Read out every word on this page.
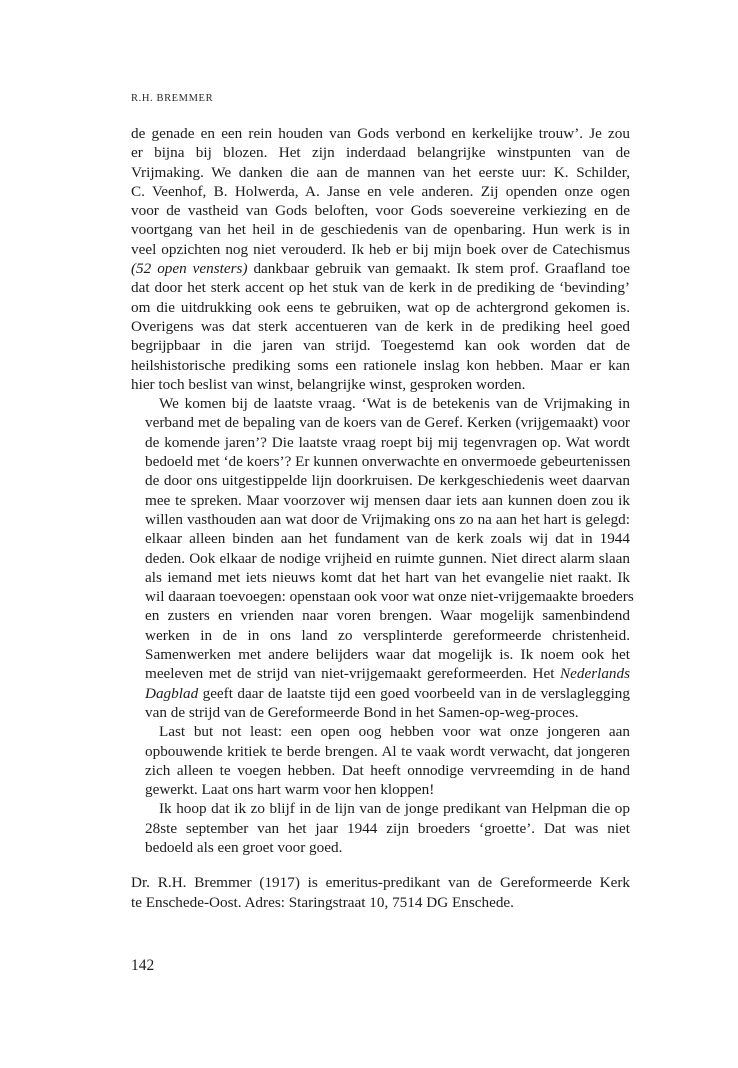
R.H. BREMMER

de genade en een rein houden van Gods verbond en kerkelijke trouw’. Je zou
er bijna bij blozen. Het zijn inderdaad belangrijke winstpunten van de
Vrijmaking. We danken die aan de mannen van het eerste uur: K. Schilder,
C. Veenhof, B. Holwerda, A. Janse en vele anderen. Zij openden onze ogen
voor de vastheid van Gods beloften, voor Gods soevereine verkiezing en de
voortgang van het heil in de geschiedenis van de openbaring. Hun werk is in
veel opzichten nog niet verouderd. Ik heb er bij mijn boek over de Catechismus
(52 open vensters) dankbaar gebruik van gemaakt. Ik stem prof. Graafland toe
dat door het sterk accent op het stuk van de kerk in de prediking de ‘bevinding’
om die uitdrukking ook eens te gebruiken, wat op de achtergrond gekomen is.
Overigens was dat sterk accentueren van de kerk in de prediking heel goed
begrijpbaar in die jaren van strijd. Toegestemd kan ook worden dat de
heilshistorische prediking soms een rationele inslag kon hebben. Maar er kan
hier toch beslist van winst, belangrijke winst, gesproken worden.

We komen bij de laatste vraag. ‘Wat is de betekenis van de Vrijmaking in
verband met de bepaling van de koers van de Geref. Kerken (vrijgemaakt) voor
de komende jaren’? Die laatste vraag roept bij mij tegenvragen op. Wat wordt
bedoeld met ‘de koers’? Er kunnen onverwachte en onvermoede gebeurtenissen
de door ons uitgestippelde lijn doorkruisen. De kerkgeschiedenis weet daarvan
mee te spreken. Maar voorzover wij mensen daar iets aan kunnen doen zou ik
willen vasthouden aan wat door de Vrijmaking ons zo na aan het hart is gelegd:
elkaar alleen binden aan het fundament van de kerk zoals wij dat in 1944
deden. Ook elkaar de nodige vrijheid en ruimte gunnen. Niet direct alarm slaan
als iemand met iets nieuws komt dat het hart van het evangelie niet raakt. Ik
wil daaraan toevoegen: openstaan ook voor wat onze niet-vrijgemaakte broeders
en zusters en vrienden naar voren brengen. Waar mogelijk samenbindend
werken in de in ons land zo versplinterde gereformeerde christenheid.
Samenwerken met andere belijders waar dat mogelijk is. Ik noem ook het
meeleven met de strijd van niet-vrijgemaakt gereformeerden. Het Nederlands
Dagblad geeft daar de laatste tijd een goed voorbeeld van in de verslaglegging
van de strijd van de Gereformeerde Bond in het Samen-op-weg-proces.

Last but not least: een open oog hebben voor wat onze jongeren aan
opbouwende kritiek te berde brengen. Al te vaak wordt verwacht, dat jongeren
zich alleen te voegen hebben. Dat heeft onnodige vervreemding in de hand
gewerkt. Laat ons hart warm voor hen kloppen!

Ik hoop dat ik zo blijf in de lijn van de jonge predikant van Helpman die op
28ste september van het jaar 1944 zijn broeders ‘groette’. Dat was niet
bedoeld als een groet voor goed.

Dr. R.H. Bremmer (1917) is emeritus-predikant van de Gereformeerde Kerk
te Enschede-Oost. Adres: Staringstraat 10, 7514 DG Enschede.
142
